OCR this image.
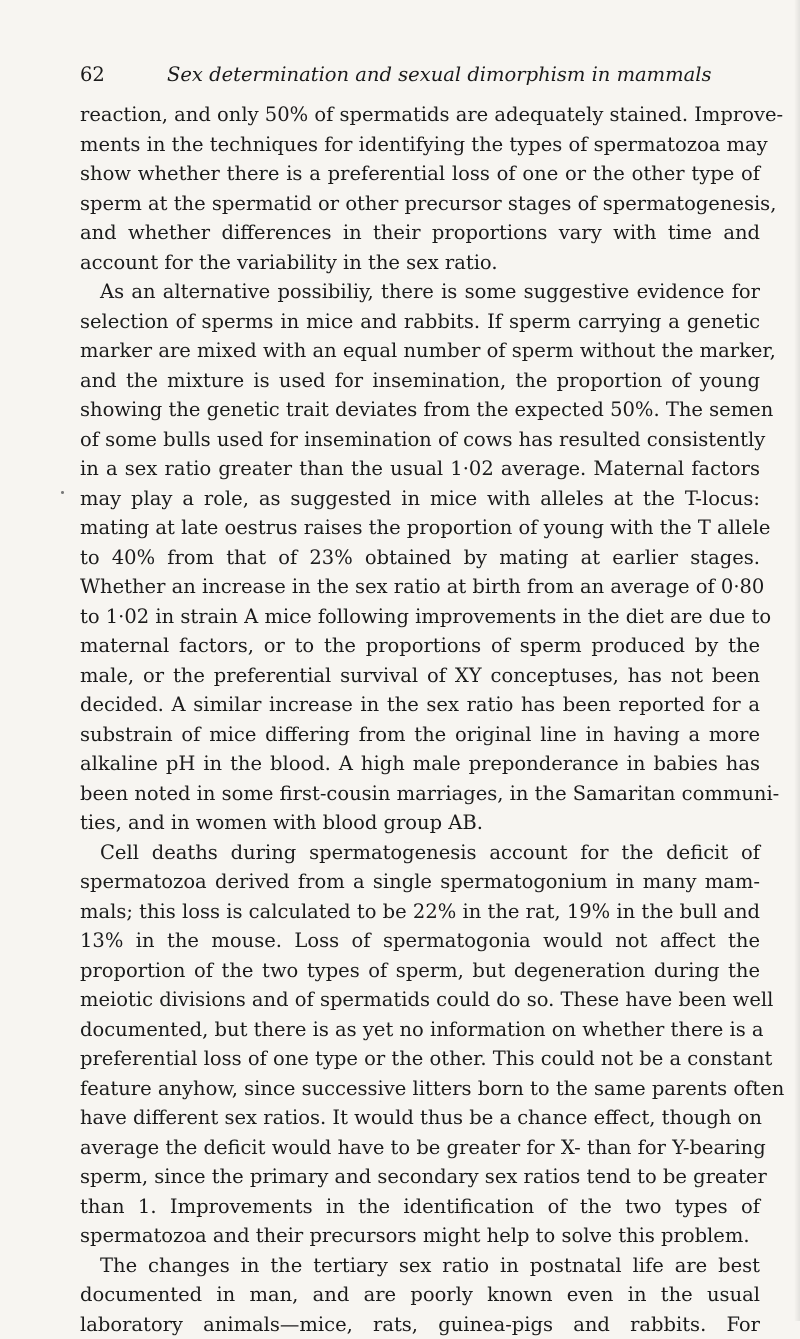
62	Sex determination and sexual dimorphism in mammals
reaction, and only 50% of spermatids are adequately stained. Improve-
ments in the techniques for identifying the types of spermatozoa may
show whether there is a preferential loss of one or the other type of
sperm at the spermatid or other precursor stages of spermatogenesis,
and whether differences in their proportions vary with time and
account for the variability in the sex ratio.
As an alternative possibiliy, there is some suggestive evidence for
selection of sperms in mice and rabbits. If sperm carrying a genetic
marker are mixed with an equal number of sperm without the marker,
and the mixture is used for insemination, the proportion of young
showing the genetic trait deviates from the expected 50%. The semen
of some bulls used for insemination of cows has resulted consistently
in a sex ratio greater than the usual 1·02 average. Maternal factors
may play a role, as suggested in mice with alleles at the T-locus:
mating at late oestrus raises the proportion of young with the T allele
to 40% from that of 23% obtained by mating at earlier stages.
Whether an increase in the sex ratio at birth from an average of 0·80
to 1·02 in strain A mice following improvements in the diet are due to
maternal factors, or to the proportions of sperm produced by the
male, or the preferential survival of XY conceptuses, has not been
decided. A similar increase in the sex ratio has been reported for a
substrain of mice differing from the original line in having a more
alkaline pH in the blood. A high male preponderance in babies has
been noted in some first-cousin marriages, in the Samaritan communi-
ties, and in women with blood group AB.
Cell deaths during spermatogenesis account for the deficit of
spermatozoa derived from a single spermatogonium in many mam-
mals; this loss is calculated to be 22% in the rat, 19% in the bull and
13% in the mouse. Loss of spermatogonia would not affect the
proportion of the two types of sperm, but degeneration during the
meiotic divisions and of spermatids could do so. These have been well
documented, but there is as yet no information on whether there is a
preferential loss of one type or the other. This could not be a constant
feature anyhow, since successive litters born to the same parents often
have different sex ratios. It would thus be a chance effect, though on
average the deficit would have to be greater for X- than for Y-bearing
sperm, since the primary and secondary sex ratios tend to be greater
than 1. Improvements in the identification of the two types of
spermatozoa and their precursors might help to solve this problem.
The changes in the tertiary sex ratio in postnatal life are best
documented in man, and are poorly known even in the usual
laboratory animals—mice, rats, guinea-pigs and rabbits. For
